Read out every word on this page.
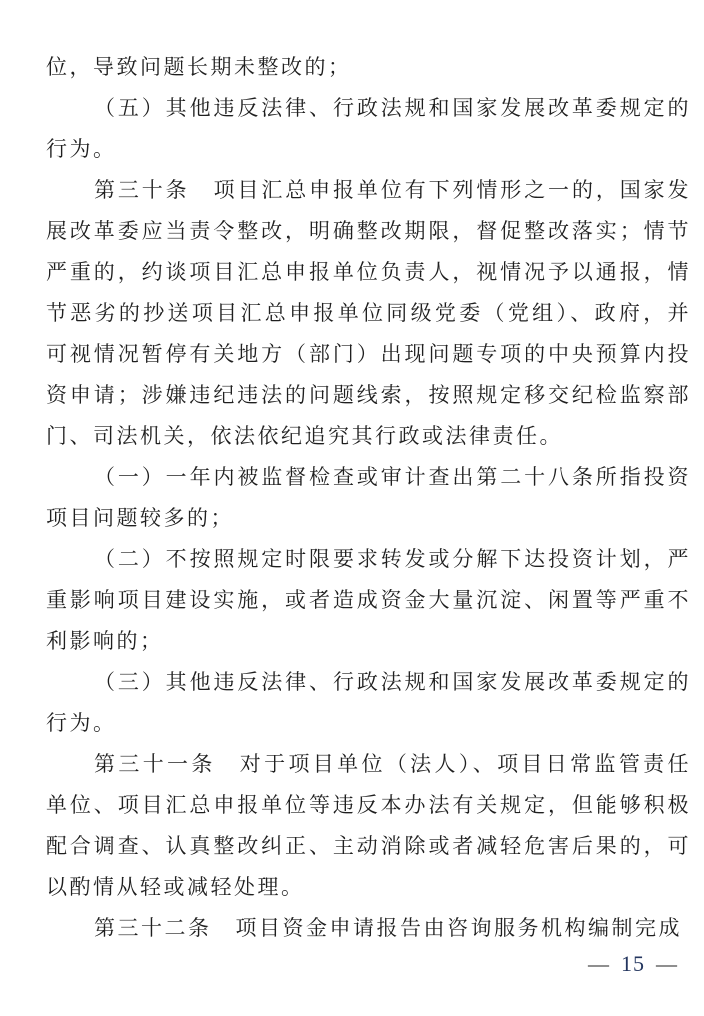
位，导致问题长期未整改的；

（五）其他违反法律、行政法规和国家发展改革委规定的行为。

第三十条 项目汇总申报单位有下列情形之一的，国家发展改革委应当责令整改，明确整改期限，督促整改落实；情节严重的，约谈项目汇总申报单位负责人，视情况予以通报，情节恶劣的抄送项目汇总申报单位同级党委（党组）、政府，并可视情况暂停有关地方（部门）出现问题专项的中央预算内投资申请；涉嫌违纪违法的问题线索，按照规定移交纪检监察部门、司法机关，依法依纪追究其行政或法律责任。

（一）一年内被监督检查或审计查出第二十八条所指投资项目问题较多的；

（二）不按照规定时限要求转发或分解下达投资计划，严重影响项目建设实施，或者造成资金大量沉淀、闲置等严重不利影响的；

（三）其他违反法律、行政法规和国家发展改革委规定的行为。

第三十一条 对于项目单位（法人）、项目日常监管责任单位、项目汇总申报单位等违反本办法有关规定，但能够积极配合调查、认真整改纠正、主动消除或者减轻危害后果的，可以酌情从轻或减轻处理。

第三十二条 项目资金申请报告由咨询服务机构编制完成

— 15 —
